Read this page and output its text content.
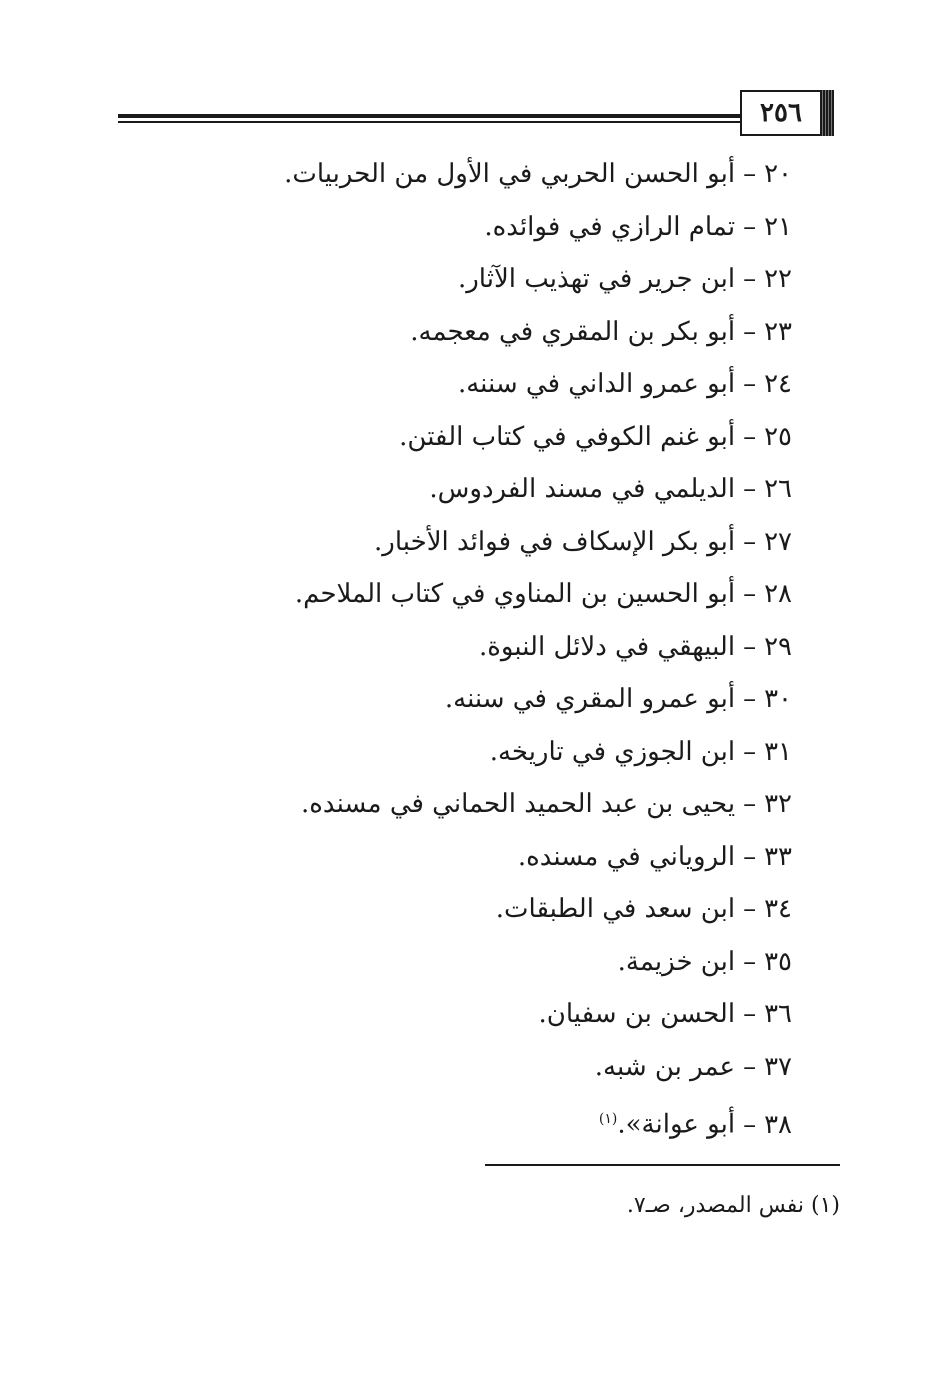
٢٥٦
٢٠–أبو الحسن الحربي في الأول من الحربيات.
٢١–تمام الرازي في فوائده.
٢٢–ابن جرير في تهذيب الآثار.
٢٣–أبو بكر بن المقري في معجمه.
٢٤–أبو عمرو الداني في سننه.
٢٥–أبو غنم الكوفي في كتاب الفتن.
٢٦–الديلمي في مسند الفردوس.
٢٧–أبو بكر الإسكاف في فوائد الأخبار.
٢٨–أبو الحسين بن المناوي في كتاب الملاحم.
٢٩–البيهقي في دلائل النبوة.
٣٠–أبو عمرو المقري في سننه.
٣١–ابن الجوزي في تاريخه.
٣٢–يحيى بن عبد الحميد الحماني في مسنده.
٣٣–الروياني في مسنده.
٣٤–ابن سعد في الطبقات.
٣٥–ابن خزيمة.
٣٦–الحسن بن سفيان.
٣٧–عمر بن شبه.
٣٨–أبو عوانة».$^{(١)}$
(١) نفس المصدر، صـ٧.
